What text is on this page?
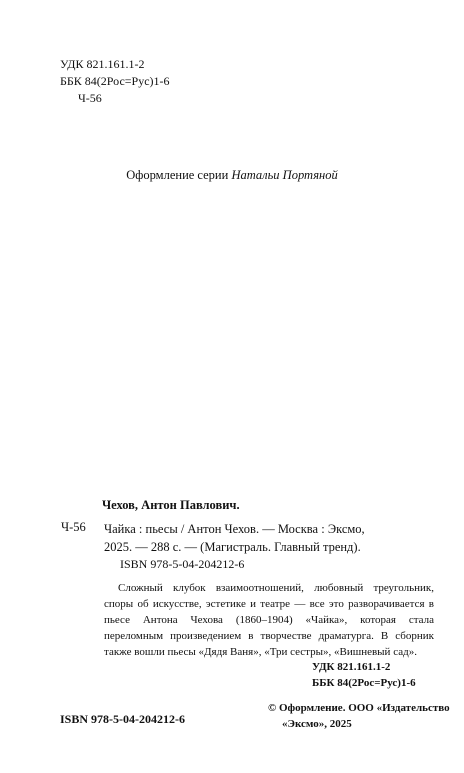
УДК 821.161.1-2
ББК 84(2Рос=Рус)1-6
Ч-56
Оформление серии Натальи Портяной
Чехов, Антон Павлович.
Ч-56 Чайка : пьесы / Антон Чехов. — Москва : Эксмо,
2025. — 288 с. — (Магистраль. Главный тренд).
ISBN 978-5-04-204212-6

Сложный клубок взаимоотношений, любовный треугольник, споры об искусстве, эстетике и театре — все это разворачивается в пьесе Антона Чехова (1860–1904) «Чайка», которая стала переломным произведением в творчестве драматурга. В сборник также вошли пьесы «Дядя Ваня», «Три сестры», «Вишневый сад».

УДК 821.161.1-2
ББК 84(2Рос=Рус)1-6
ISBN 978-5-04-204212-6
© Оформление. ООО «Издательство
«Эксмо», 2025
